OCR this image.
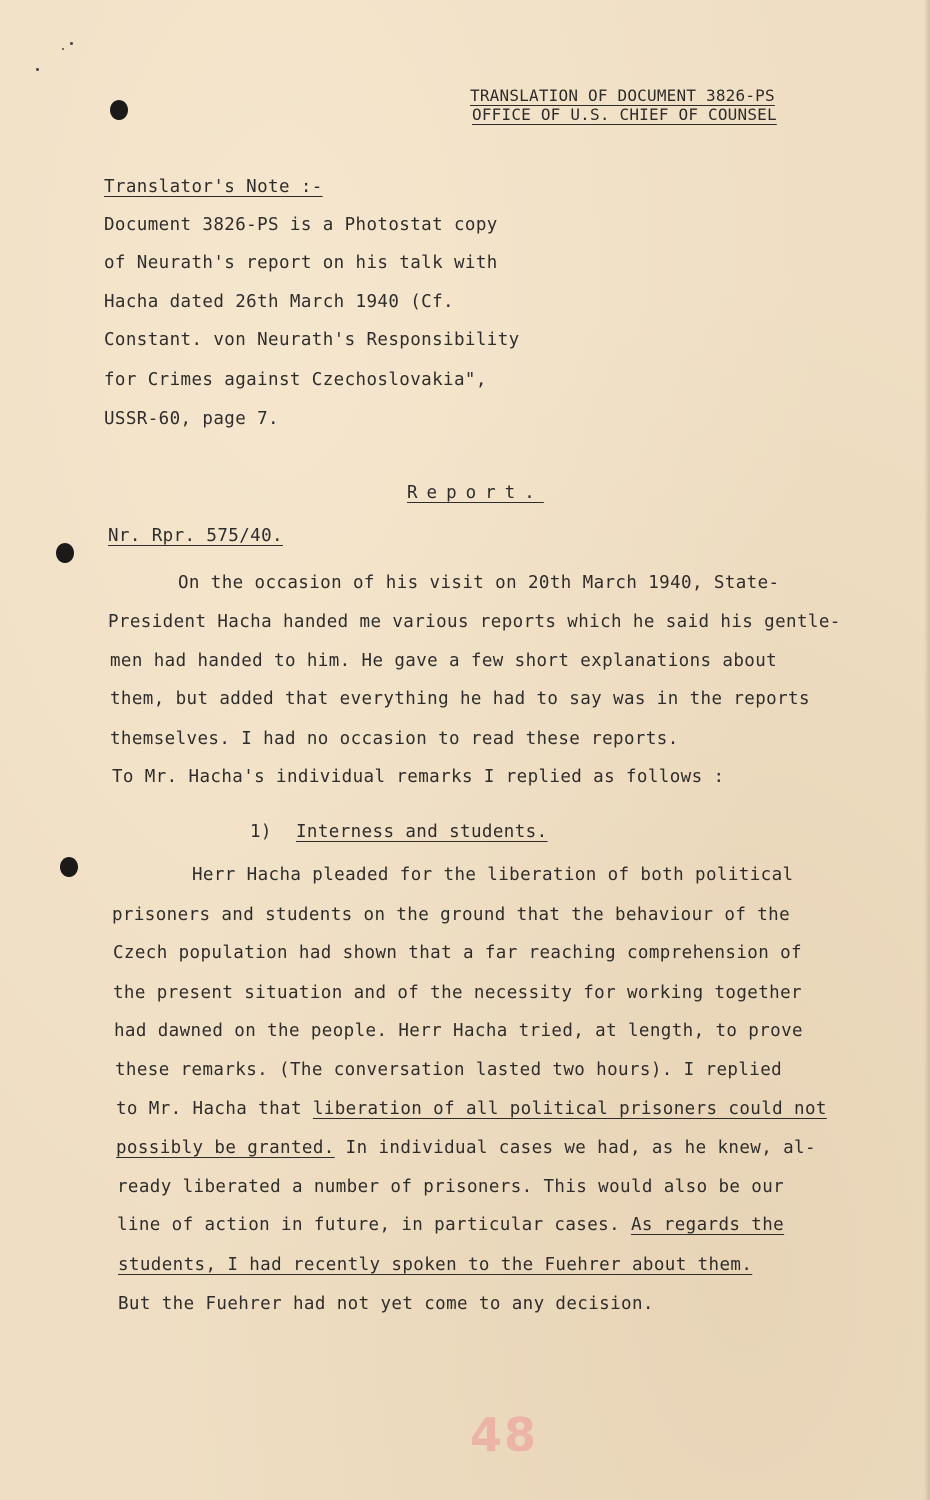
TRANSLATION OF DOCUMENT 3826-PS
OFFICE OF U.S. CHIEF OF COUNSEL
Translator's Note :-
Document 3826-PS is a Photostat copy
of Neurath's report on his talk with
Hacha dated 26th March 1940 (Cf.
Constant. von Neurath's Responsibility
for Crimes against Czechoslovakia",
USSR-60, page 7.
Report.
Nr. Rpr. 575/40.
On the occasion of his visit on 20th March 1940, State-
President Hacha handed me various reports which he said his gentle-
men had handed to him. He gave a few short explanations about
them, but added that everything he had to say was in the reports
themselves. I had no occasion to read these reports.
To Mr. Hacha's individual remarks I replied as follows :
1) Interness and students.
Herr Hacha pleaded for the liberation of both political
prisoners and students on the ground that the behaviour of the
Czech population had shown that a far reaching comprehension of
the present situation and of the necessity for working together
had dawned on the people. Herr Hacha tried, at length, to prove
these remarks. (The conversation lasted two hours). I replied
to Mr. Hacha that liberation of all political prisoners could not
possibly be granted. In individual cases we had, as he knew, al-
ready liberated a number of prisoners. This would also be our
line of action in future, in particular cases. As regards the
students, I had recently spoken to the Fuehrer about them.
But the Fuehrer had not yet come to any decision.
48
